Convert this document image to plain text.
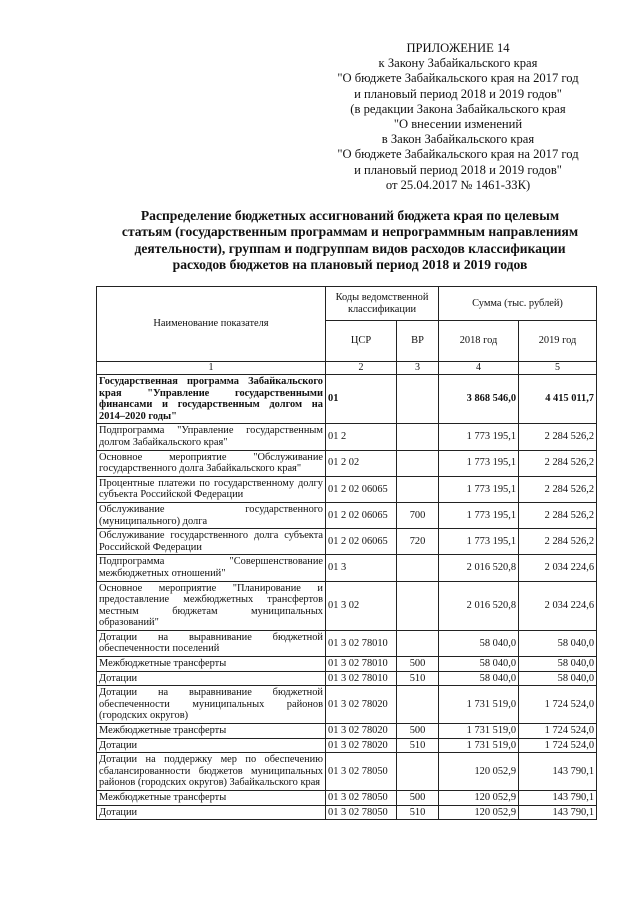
ПРИЛОЖЕНИЕ 14
к Закону Забайкальского края
"О бюджете Забайкальского края на 2017 год
и плановый период 2018 и 2019 годов"
(в редакции Закона Забайкальского края
"О внесении изменений
в Закон Забайкальского края
"О бюджете Забайкальского края на 2017 год
и плановый период 2018 и 2019 годов"
от 25.04.2017 № 1461-ЗЗК)
Распределение бюджетных ассигнований бюджета края по целевым
статьям (государственным программам и непрограммным направлениям
деятельности), группам и подгруппам видов расходов классификации
расходов бюджетов на плановый период 2018 и 2019 годов
Наименование показателя	Коды ведомственной классификации		Сумма (тыс. рублей)	
	ЦСР	ВР	2018 год	2019 год
1	2	3	4	5
Государственная программа Забайкальского края "Управление государственными финансами и государственным долгом на 2014–2020 годы"	01		3 868 546,0	4 415 011,7
Подпрограмма "Управление государственным долгом Забайкальского края"	01 2		1 773 195,1	2 284 526,2
Основное мероприятие "Обслуживание государственного долга Забайкальского края"	01 2 02		1 773 195,1	2 284 526,2
Процентные платежи по государственному долгу субъекта Российской Федерации	01 2 02 06065		1 773 195,1	2 284 526,2
Обслуживание государственного (муниципального) долга	01 2 02 06065	700	1 773 195,1	2 284 526,2
Обслуживание государственного долга субъекта Российской Федерации	01 2 02 06065	720	1 773 195,1	2 284 526,2
Подпрограмма "Совершенствование межбюджетных отношений"	01 3		2 016 520,8	2 034 224,6
Основное мероприятие "Планирование и предоставление межбюджетных трансфертов местным бюджетам муниципальных образований"	01 3 02		2 016 520,8	2 034 224,6
Дотации на выравнивание бюджетной обеспеченности поселений	01 3 02 78010		58 040,0	58 040,0
Межбюджетные трансферты	01 3 02 78010	500	58 040,0	58 040,0
Дотации	01 3 02 78010	510	58 040,0	58 040,0
Дотации на выравнивание бюджетной обеспеченности муниципальных районов (городских округов)	01 3 02 78020		1 731 519,0	1 724 524,0
Межбюджетные трансферты	01 3 02 78020	500	1 731 519,0	1 724 524,0
Дотации	01 3 02 78020	510	1 731 519,0	1 724 524,0
Дотации на поддержку мер по обеспечению сбалансированности бюджетов муниципальных районов (городских округов) Забайкальского края	01 3 02 78050		120 052,9	143 790,1
Межбюджетные трансферты	01 3 02 78050	500	120 052,9	143 790,1
Дотации	01 3 02 78050	510	120 052,9	143 790,1
